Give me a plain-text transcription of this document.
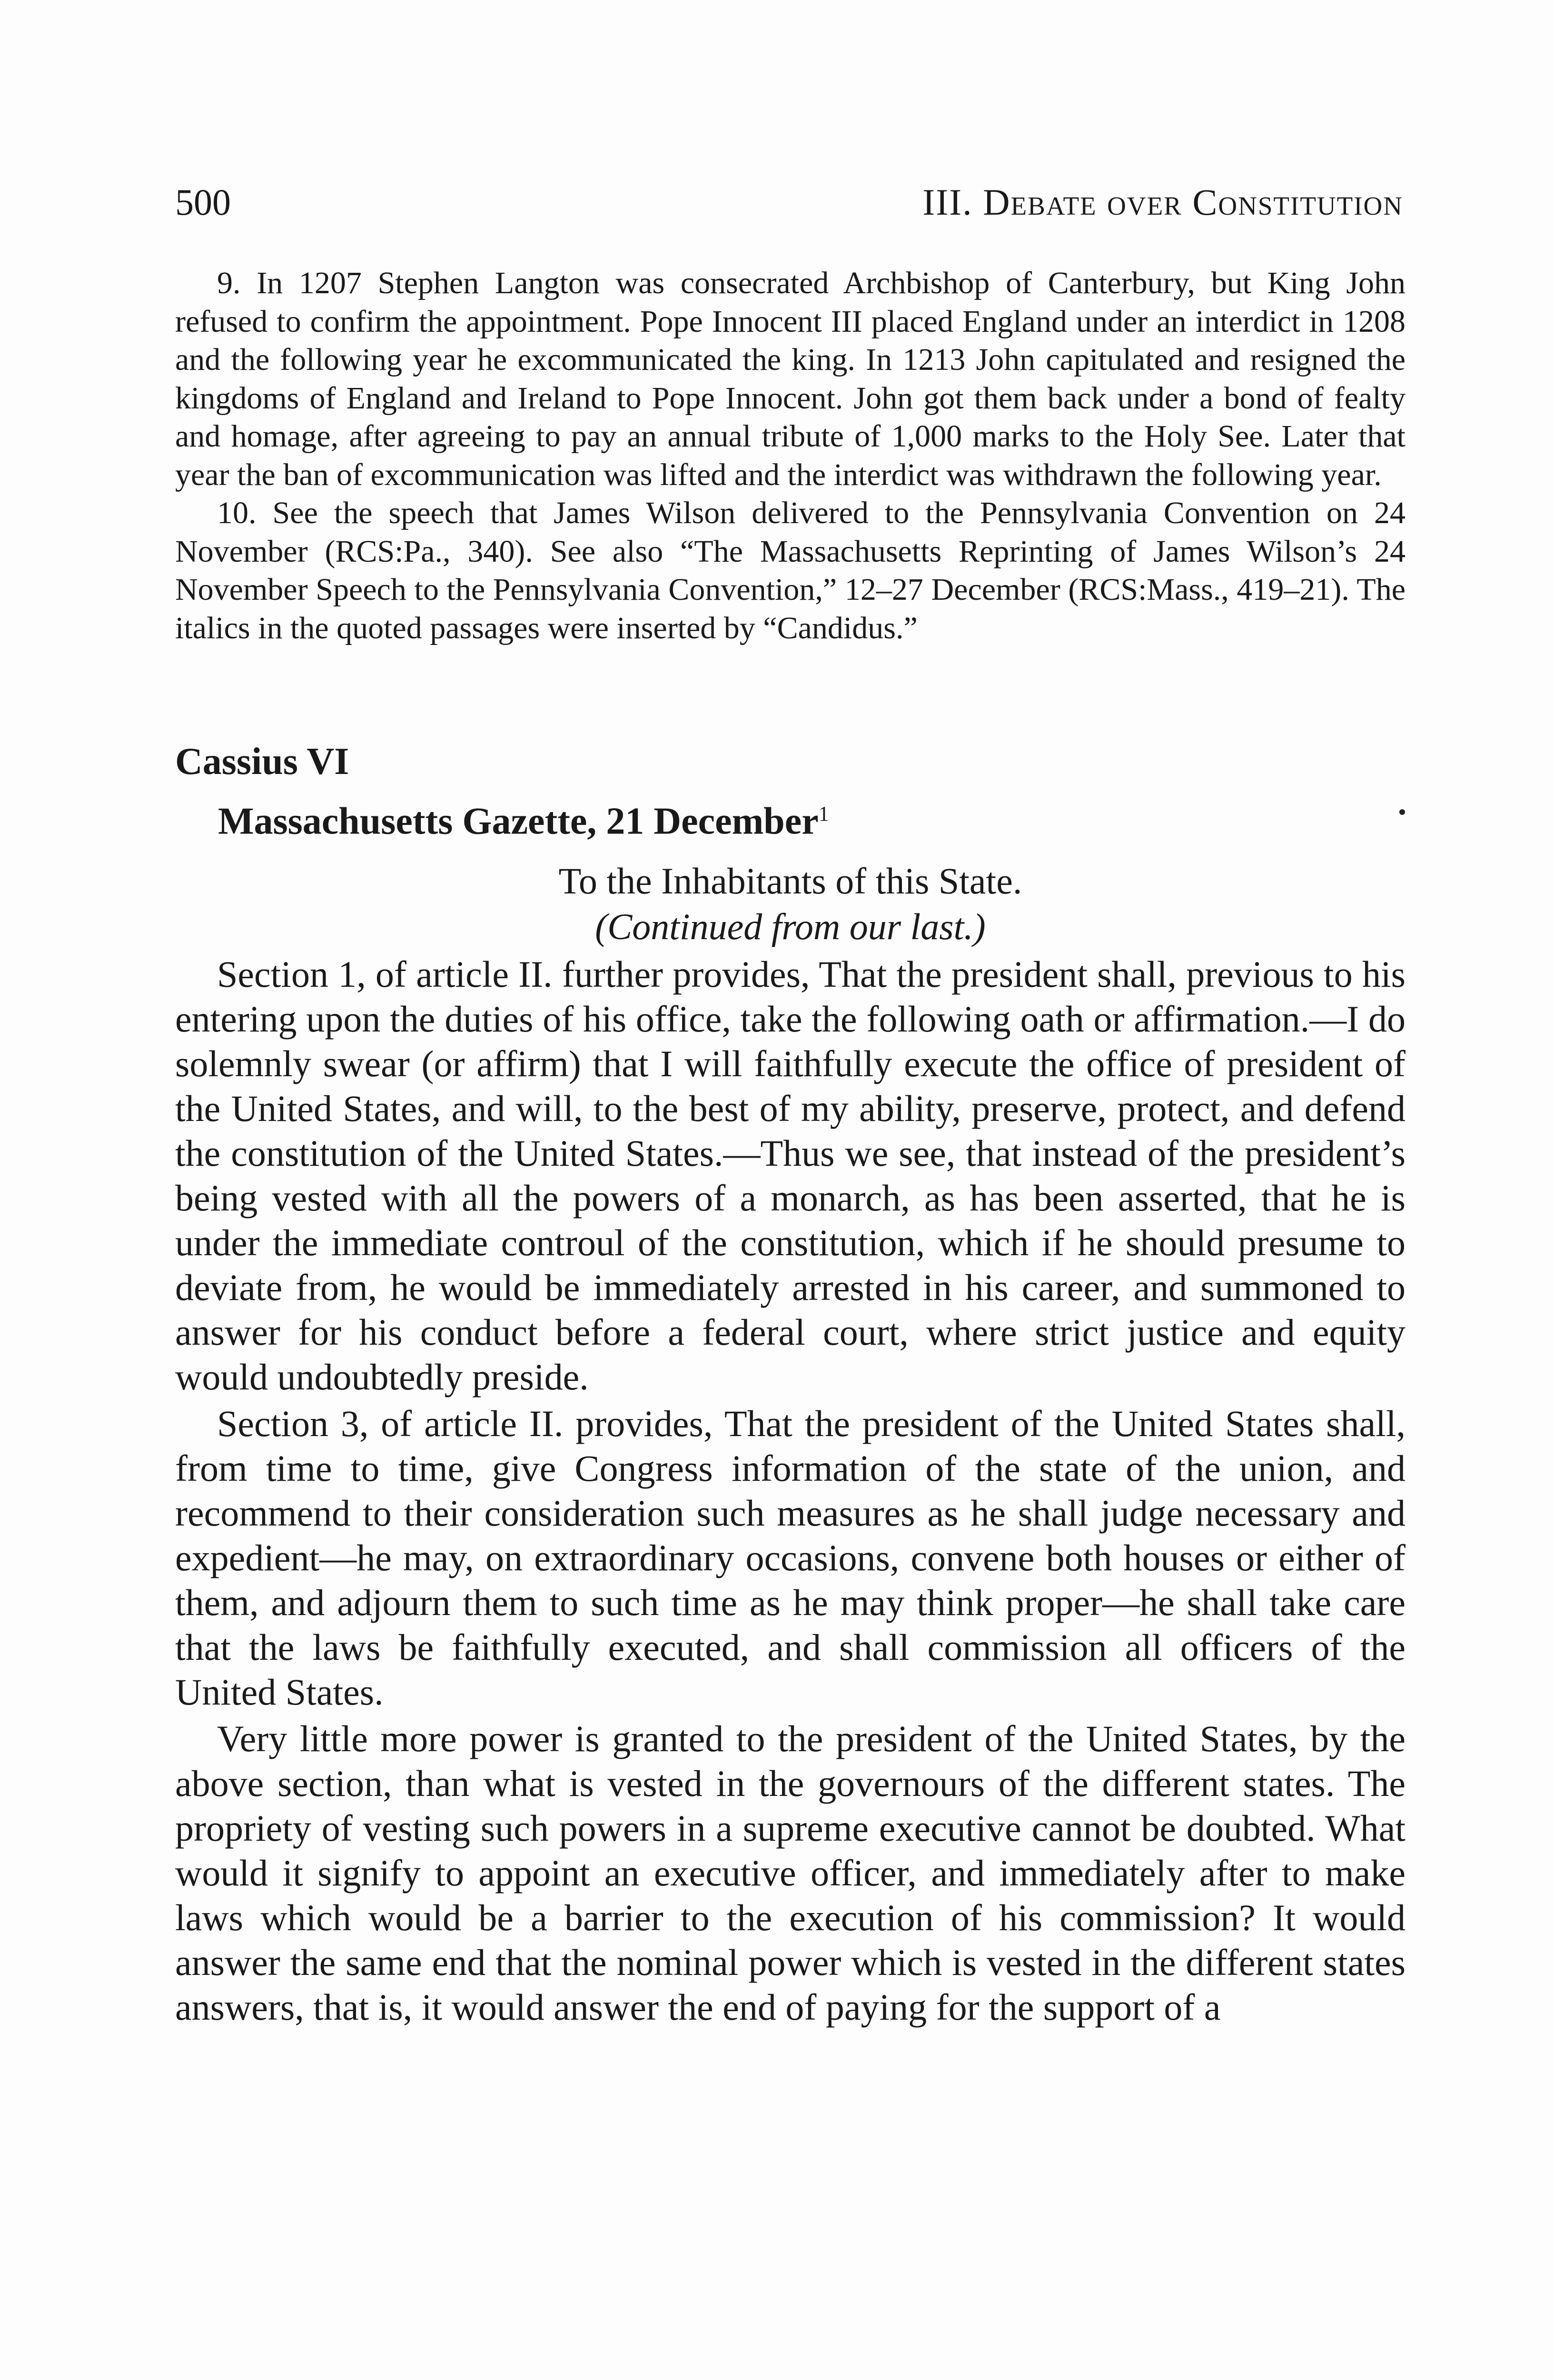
500	III. Debate over Constitution

9. In 1207 Stephen Langton was consecrated Archbishop of Canterbury, but King John refused to confirm the appointment. Pope Innocent III placed England under an interdict in 1208 and the following year he excommunicated the king. In 1213 John capitulated and resigned the kingdoms of England and Ireland to Pope Innocent. John got them back under a bond of fealty and homage, after agreeing to pay an annual tribute of 1,000 marks to the Holy See. Later that year the ban of excommunication was lifted and the interdict was withdrawn the following year.

10. See the speech that James Wilson delivered to the Pennsylvania Convention on 24 November (RCS:Pa., 340). See also “The Massachusetts Reprinting of James Wilson’s 24 November Speech to the Pennsylvania Convention,” 12–27 December (RCS:Mass., 419–21). The italics in the quoted passages were inserted by “Candidus.”

Cassius VI
Massachusetts Gazette, 21 December$^1$
To the Inhabitants of this State.
(Continued from our last.)

Section 1, of article II. further provides, That the president shall, previous to his entering upon the duties of his office, take the following oath or affirmation.—I do solemnly swear (or affirm) that I will faithfully execute the office of president of the United States, and will, to the best of my ability, preserve, protect, and defend the constitution of the United States.—Thus we see, that instead of the president’s being vested with all the powers of a monarch, as has been asserted, that he is under the immediate controul of the constitution, which if he should presume to deviate from, he would be immediately arrested in his career, and summoned to answer for his conduct before a federal court, where strict justice and equity would undoubtedly preside.

Section 3, of article II. provides, That the president of the United States shall, from time to time, give Congress information of the state of the union, and recommend to their consideration such measures as he shall judge necessary and expedient—he may, on extraordinary occasions, convene both houses or either of them, and adjourn them to such time as he may think proper—he shall take care that the laws be faithfully executed, and shall commission all officers of the United States.

Very little more power is granted to the president of the United States, by the above section, than what is vested in the governours of the different states. The propriety of vesting such powers in a supreme executive cannot be doubted. What would it signify to appoint an executive officer, and immediately after to make laws which would be a barrier to the execution of his commission? It would answer the same end that the nominal power which is vested in the different states answers, that is, it would answer the end of paying for the support of a
